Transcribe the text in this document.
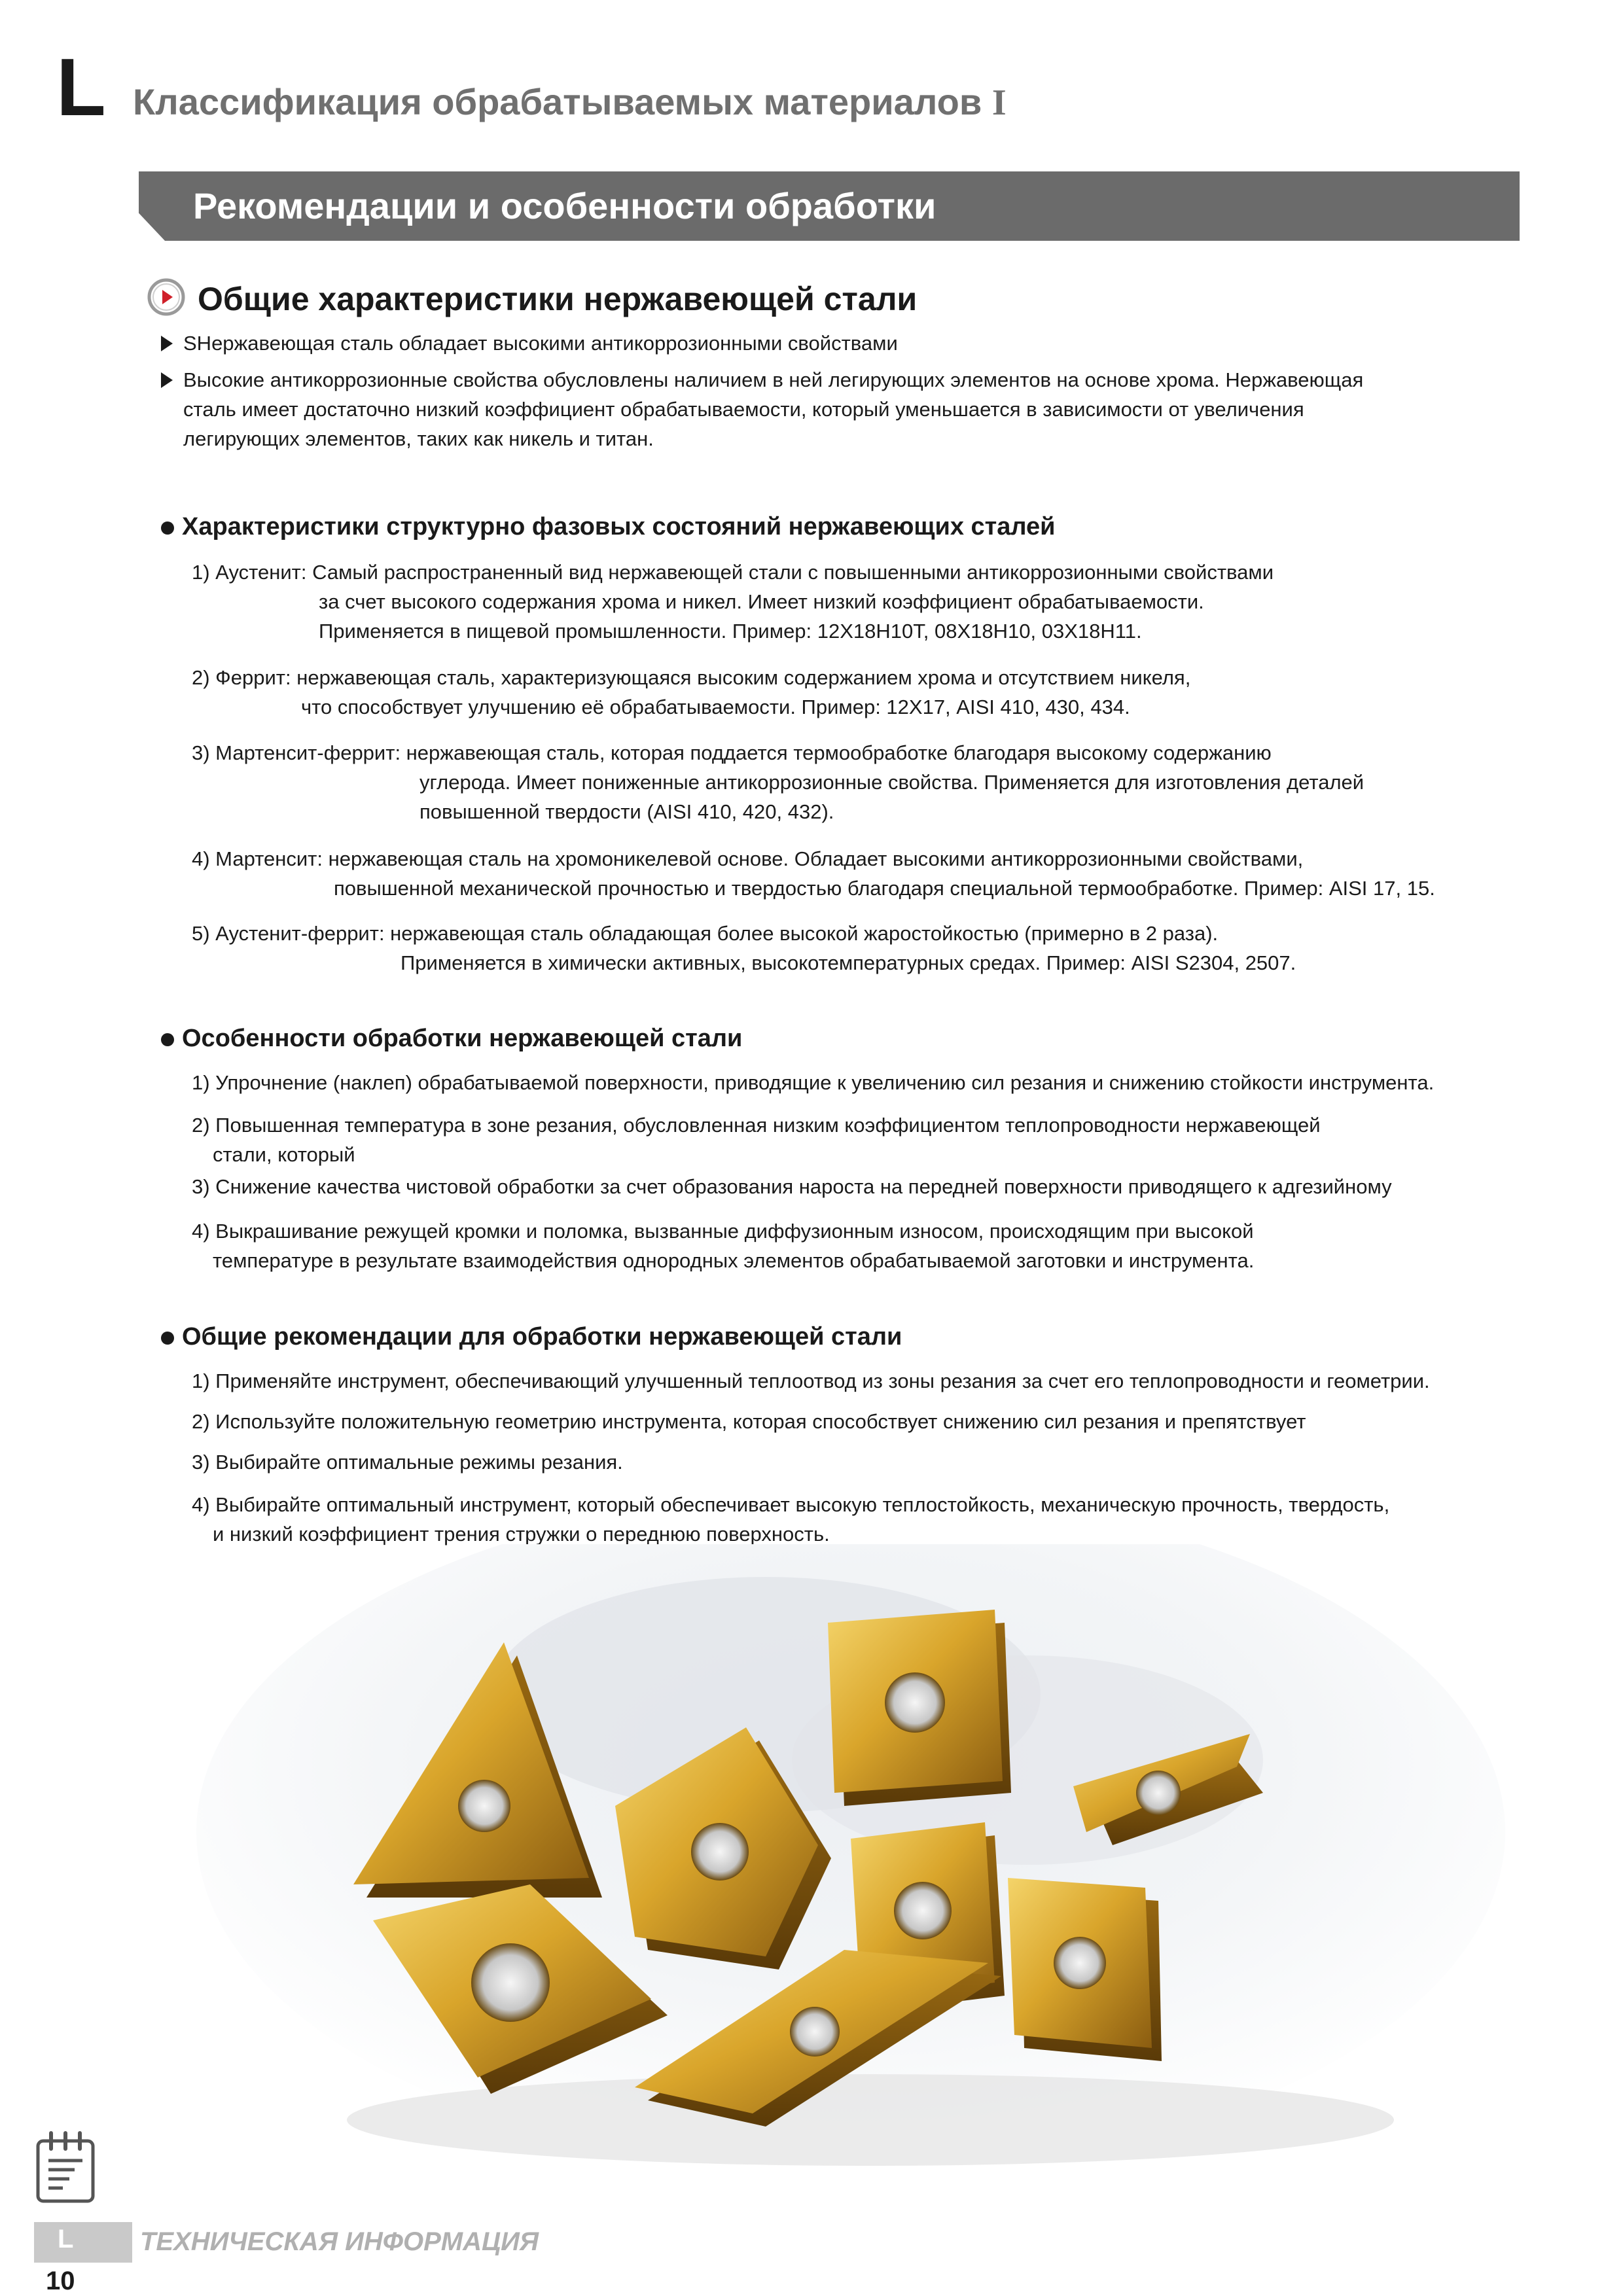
L Классификация обрабатываемых материалов I
Рекомендации и особенности обработки
Общие характеристики нержавеющей стали
SНержавеющая сталь обладает высокими антикоррозионными свойствами
Высокие антикоррозионные свойства обусловлены наличием в ней легирующих элементов на основе хрома. Нержавеющая
сталь имеет достаточно низкий коэффициент обрабатываемости, который уменьшается в зависимости от увеличения
легирующих элементов, таких как никель и титан.
Характеристики структурно фазовых состояний нержавеющих сталей
1) Аустенит: Самый распространенный вид нержавеющей стали с повышенными антикоррозионными свойствами
за счет высокого содержания хрома и никел. Имеет низкий коэффициент обрабатываемости.
Применяется в пищевой промышленности. Пример: 12Х18Н10Т, 08Х18Н10, 03Х18Н11.
2) Феррит: нержавеющая сталь, характеризующаяся высоким содержанием хрома и отсутствием никеля,
что способствует улучшению её обрабатываемости. Пример: 12Х17, AISI 410, 430, 434.
3) Мартенсит-феррит: нержавеющая сталь, которая поддается термообработке благодаря высокому содержанию
углерода. Имеет пониженные антикоррозионные свойства. Применяется для изготовления деталей
повышенной твердости (AISI 410, 420, 432).
4) Мартенсит: нержавеющая сталь на хромоникелевой основе. Обладает высокими антикоррозионными свойствами,
повышенной механической прочностью и твердостью благодаря специальной термообработке. Пример: AISI 17, 15.
5) Аустенит-феррит: нержавеющая сталь обладающая более высокой жаростойкостью (примерно в 2 раза).
Применяется в химически активных, высокотемпературных средах. Пример: AISI S2304, 2507.
Особенности обработки нержавеющей стали
1) Упрочнение (наклеп) обрабатываемой поверхности, приводящие к увеличению сил резания и снижению стойкости инструмента.
2) Повышенная температура в зоне резания, обусловленная низким коэффициентом теплопроводности нержавеющей
стали, который
3) Снижение качества чистовой обработки за счет образования нароста на передней поверхности приводящего к адгезийному
4) Выкрашивание режущей кромки и поломка, вызванные диффузионным износом, происходящим при высокой
температуре в результате взаимодействия однородных элементов обрабатываемой заготовки и инструмента.
Общие рекомендации для обработки нержавеющей стали
1) Применяйте инструмент, обеспечивающий улучшенный теплоотвод из зоны резания за счет его теплопроводности и геометрии.
2) Используйте положительную геометрию инструмента, которая способствует снижению сил резания и препятствует
3) Выбирайте оптимальные режимы резания.
4) Выбирайте оптимальный инструмент, который обеспечивает высокую теплостойкость, механическую прочность, твердость,
и низкий коэффициент трения стружки о переднюю поверхность.
L	ТЕХНИЧЕСКАЯ ИНФОРМАЦИЯ
10
